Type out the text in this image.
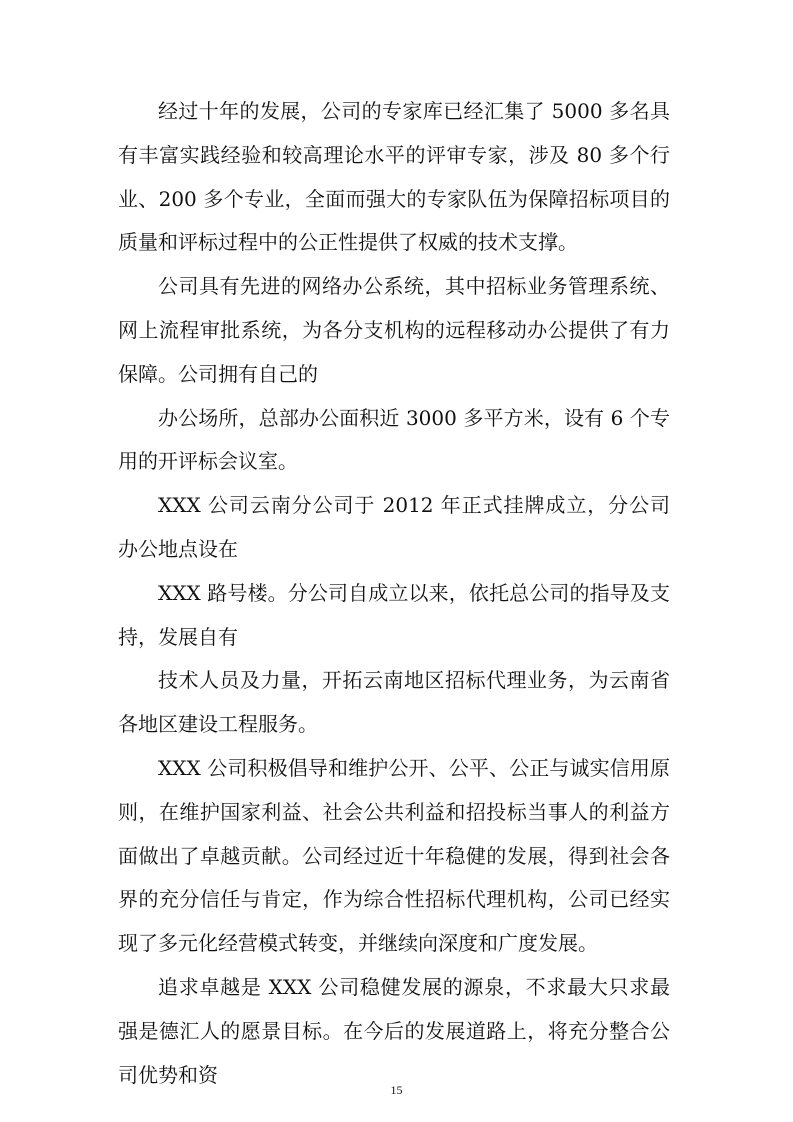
经过十年的发展，公司的专家库已经汇集了 5000 多名具有丰富实践经验和较高理论水平的评审专家，涉及 80 多个行业、200 多个专业，全面而强大的专家队伍为保障招标项目的质量和评标过程中的公正性提供了权威的技术支撑。

公司具有先进的网络办公系统，其中招标业务管理系统、网上流程审批系统，为各分支机构的远程移动办公提供了有力保障。公司拥有自己的

办公场所，总部办公面积近 3000 多平方米，设有 6 个专用的开评标会议室。

XXX 公司云南分公司于 2012 年正式挂牌成立，分公司办公地点设在

XXX 路号楼。分公司自成立以来，依托总公司的指导及支持，发展自有

技术人员及力量，开拓云南地区招标代理业务，为云南省各地区建设工程服务。

XXX 公司积极倡导和维护公开、公平、公正与诚实信用原则，在维护国家利益、社会公共利益和招投标当事人的利益方面做出了卓越贡献。公司经过近十年稳健的发展，得到社会各界的充分信任与肯定，作为综合性招标代理机构，公司已经实现了多元化经营模式转变，并继续向深度和广度发展。

追求卓越是 XXX 公司稳健发展的源泉，不求最大只求最强是德汇人的愿景目标。在今后的发展道路上，将充分整合公司优势和资

15
